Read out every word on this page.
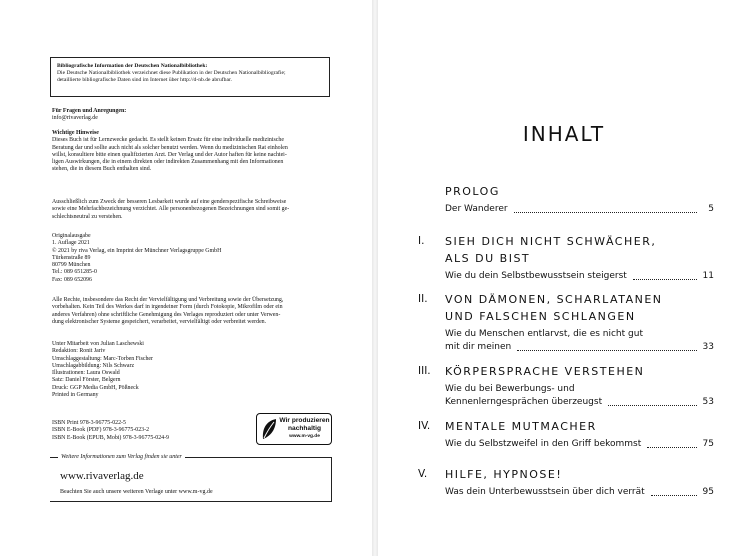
Bibliografische Information der Deutschen Nationalbibliothek:
Die Deutsche Nationalbibliothek verzeichnet diese Publikation in der Deutschen Nationalbibliografie;
detaillierte bibliografische Daten sind im Internet über http://d-nb.de abrufbar.

Für Fragen und Anregungen:

info@rivaverlag.de

Wichtige Hinweise

Dieses Buch ist für Lernzwecke gedacht. Es stellt keinen Ersatz für eine individuelle medizinische

Beratung dar und sollte auch nicht als solcher benutzt werden. Wenn du medizinischen Rat einholen

willst, konsultiere bitte einen qualifizierten Arzt. Der Verlag und der Autor haften für keine nachtei-

ligen Auswirkungen, die in einem direkten oder indirekten Zusammenhang mit den Informationen

stehen, die in diesem Buch enthalten sind.

Ausschließlich zum Zweck der besseren Lesbarkeit wurde auf eine genderspezifische Schreibweise

sowie eine Mehrfachbezeichnung verzichtet. Alle personenbezogenen Bezeichnungen sind somit ge-

schlechtsneutral zu verstehen.

Originalausgabe

1. Auflage 2021

© 2021 by riva Verlag, ein Imprint der Münchner Verlagsgruppe GmbH

Türkenstraße 89

80799 München

Tel.: 089 651285-0

Fax: 089 652096

Alle Rechte, insbesondere das Recht der Vervielfältigung und Verbreitung sowie der Übersetzung,

vorbehalten. Kein Teil des Werkes darf in irgendeiner Form (durch Fotokopie, Mikrofilm oder ein

anderes Verfahren) ohne schriftliche Genehmigung des Verlages reproduziert oder unter Verwen-

dung elektronischer Systeme gespeichert, verarbeitet, vervielfältigt oder verbreitet werden.

Unter Mitarbeit von Julian Laschewski

Redaktion: Ronit Jariv

Umschlaggestaltung: Marc-Torben Fischer

Umschlagabbildung: Nils Schwarz

Illustrationen: Laura Oswald

Satz: Daniel Förster, Belgern

Druck: GGP Media GmbH, Pößneck

Printed in Germany

ISBN Print 978-3-96775-022-5

ISBN E-Book (PDF) 978-3-96775-023-2

ISBN E-Book (EPUB, Mobi) 978-3-96775-024-9

Wir produzieren
nachhaltig
www.m-vg.de
Weitere Informationen zum Verlag finden sie unter
www.rivaverlag.de
Beachten Sie auch unsere weiteren Verlage unter www.m-vg.de
INHALT
PROLOG
Der Wanderer	5
I. SIEH DICH NICHT SCHWÄCHER,
ALS DU BIST
Wie du dein Selbstbewusstsein steigerst	11
II. VON DÄMONEN, SCHARLATANEN
UND FALSCHEN SCHLANGEN
Wie du Menschen entlarvst, die es nicht gut
mit dir meinen	33
III. KÖRPERSPRACHE VERSTEHEN
Wie du bei Bewerbungs- und
Kennenlerngesprächen überzeugst	53
IV. MENTALE MUTMACHER
Wie du Selbstzweifel in den Griff bekommst	75
V. HILFE, HYPNOSE!
Was dein Unterbewusstsein über dich verrät	95
